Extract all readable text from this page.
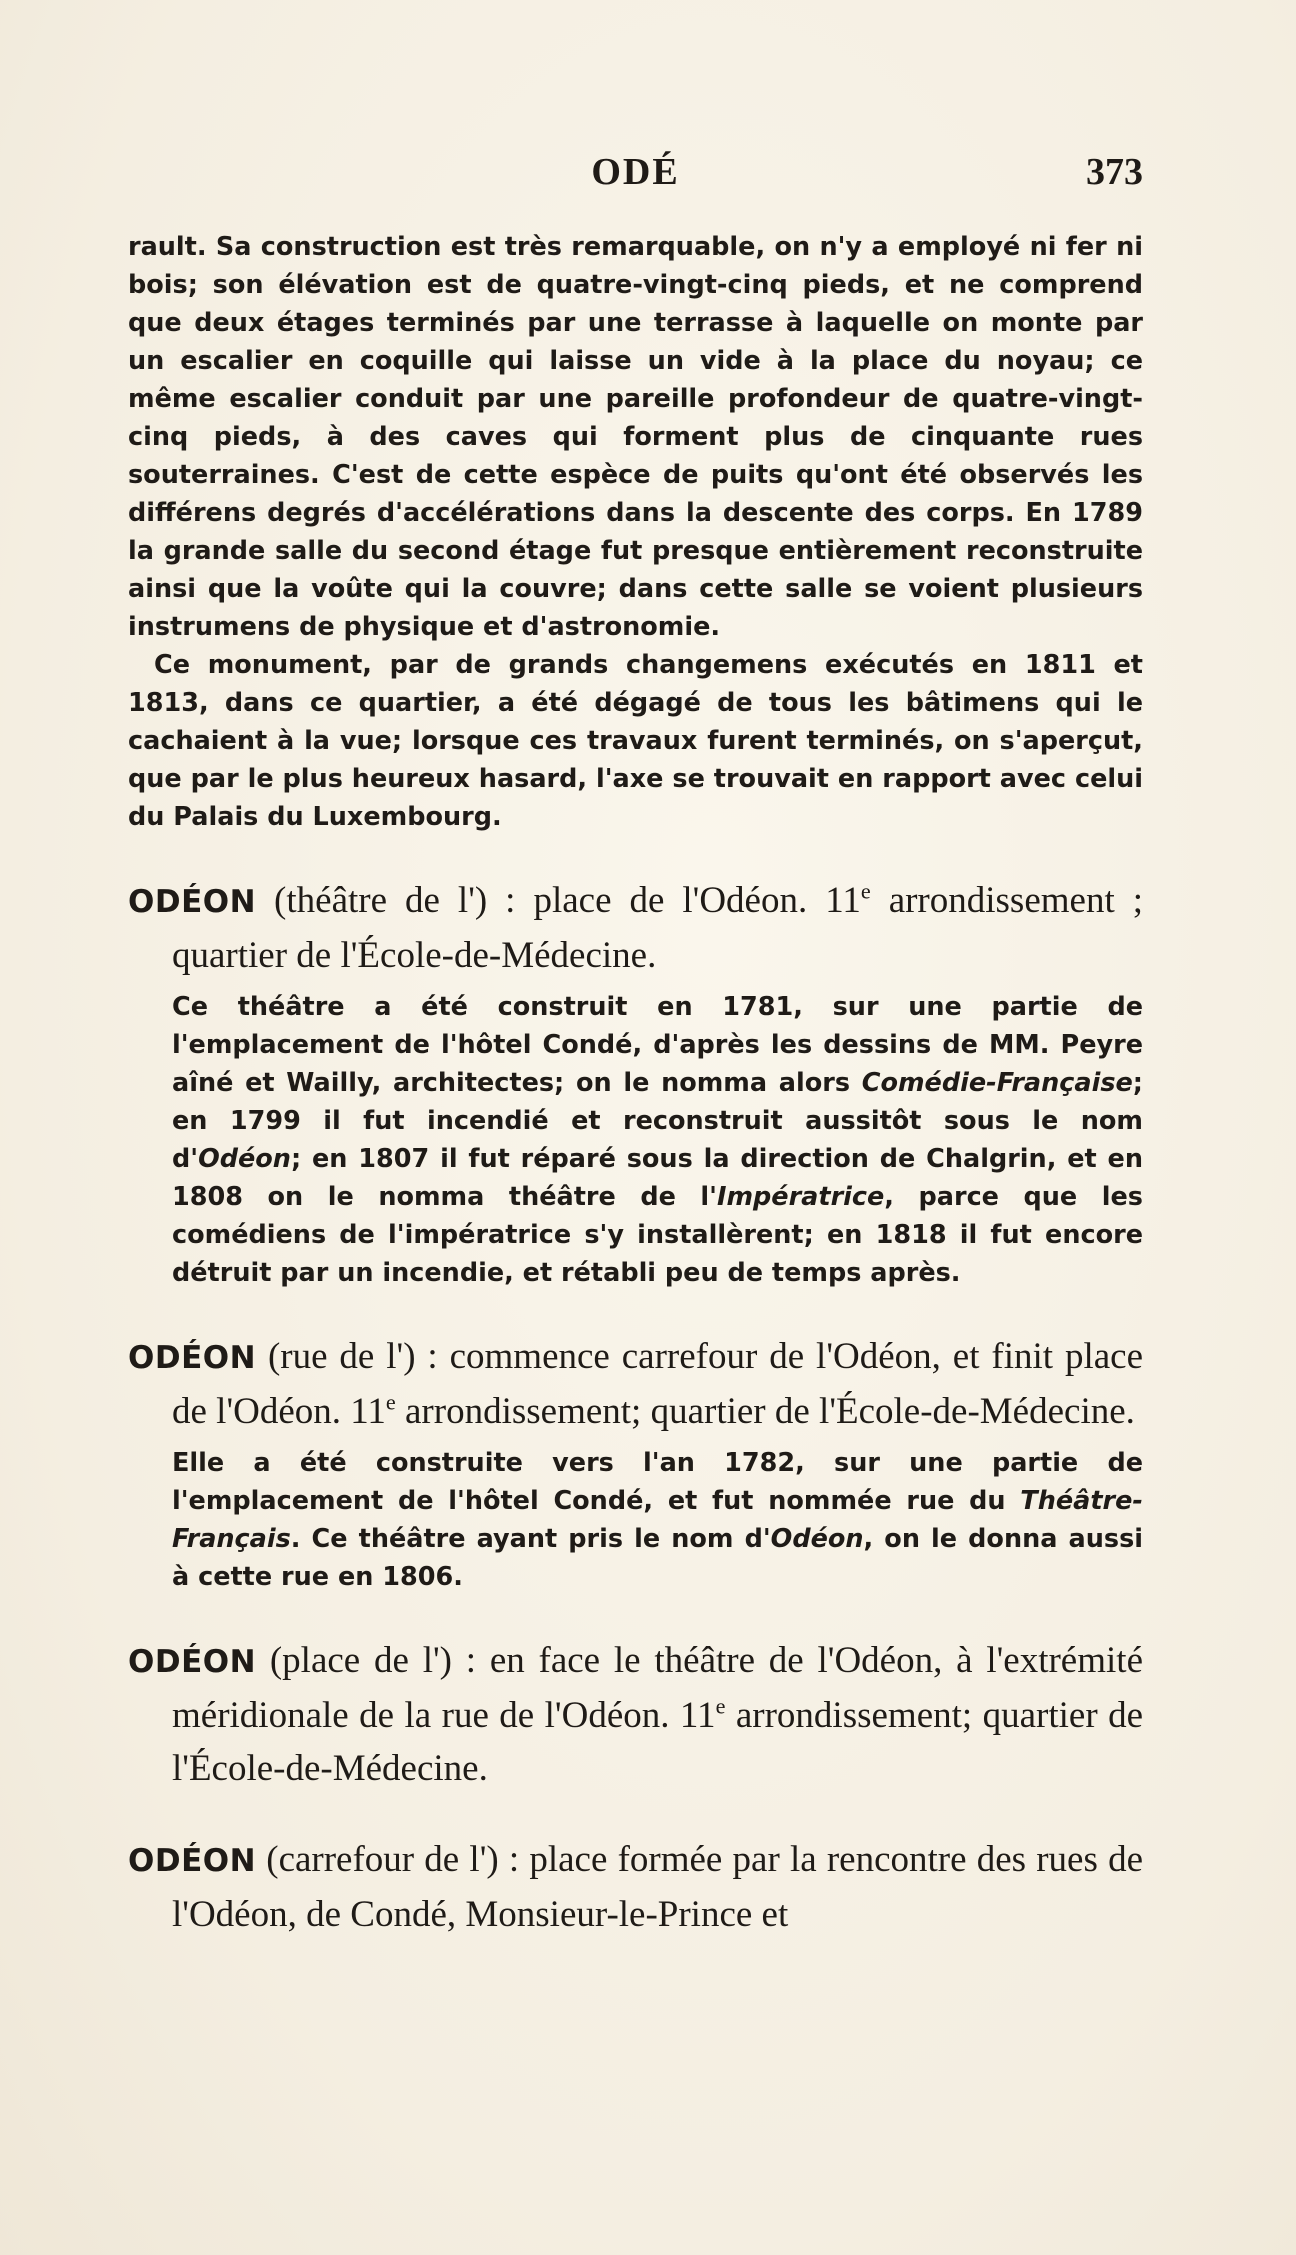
ODÉ	373

rault. Sa construction est très remarquable, on n'y a employé ni fer ni bois; son élévation est de quatre-vingt-cinq pieds, et ne comprend que deux étages terminés par une terrasse à laquelle on monte par un escalier en coquille qui laisse un vide à la place du noyau; ce même escalier conduit par une pareille profondeur de quatre-vingt-cinq pieds, à des caves qui forment plus de cinquante rues souterraines. C'est de cette espèce de puits qu'ont été observés les différens degrés d'accélérations dans la descente des corps. En 1789 la grande salle du second étage fut presque entièrement reconstruite ainsi que la voûte qui la couvre; dans cette salle se voient plusieurs instrumens de physique et d'astronomie.

Ce monument, par de grands changemens exécutés en 1811 et 1813, dans ce quartier, a été dégagé de tous les bâtimens qui le cachaient à la vue; lorsque ces travaux furent terminés, on s'aperçut, que par le plus heureux hasard, l'axe se trouvait en rapport avec celui du Palais du Luxembourg.

ODÉON (théâtre de l') : place de l'Odéon. 11e arrondissement ; quartier de l'École-de-Médecine.

Ce théâtre a été construit en 1781, sur une partie de l'emplacement de l'hôtel Condé, d'après les dessins de MM. Peyre aîné et Wailly, architectes; on le nomma alors Comédie-Française; en 1799 il fut incendié et reconstruit aussitôt sous le nom d'Odéon; en 1807 il fut réparé sous la direction de Chalgrin, et en 1808 on le nomma théâtre de l'Impératrice, parce que les comédiens de l'impératrice s'y installèrent; en 1818 il fut encore détruit par un incendie, et rétabli peu de temps après.

ODÉON (rue de l') : commence carrefour de l'Odéon, et finit place de l'Odéon. 11e arrondissement; quartier de l'École-de-Médecine.

Elle a été construite vers l'an 1782, sur une partie de l'emplacement de l'hôtel Condé, et fut nommée rue du Théâtre-Français. Ce théâtre ayant pris le nom d'Odéon, on le donna aussi à cette rue en 1806.

ODÉON (place de l') : en face le théâtre de l'Odéon, à l'extrémité méridionale de la rue de l'Odéon. 11e arrondissement; quartier de l'École-de-Médecine.

ODÉON (carrefour de l') : place formée par la rencontre des rues de l'Odéon, de Condé, Monsieur-le-Prince et
